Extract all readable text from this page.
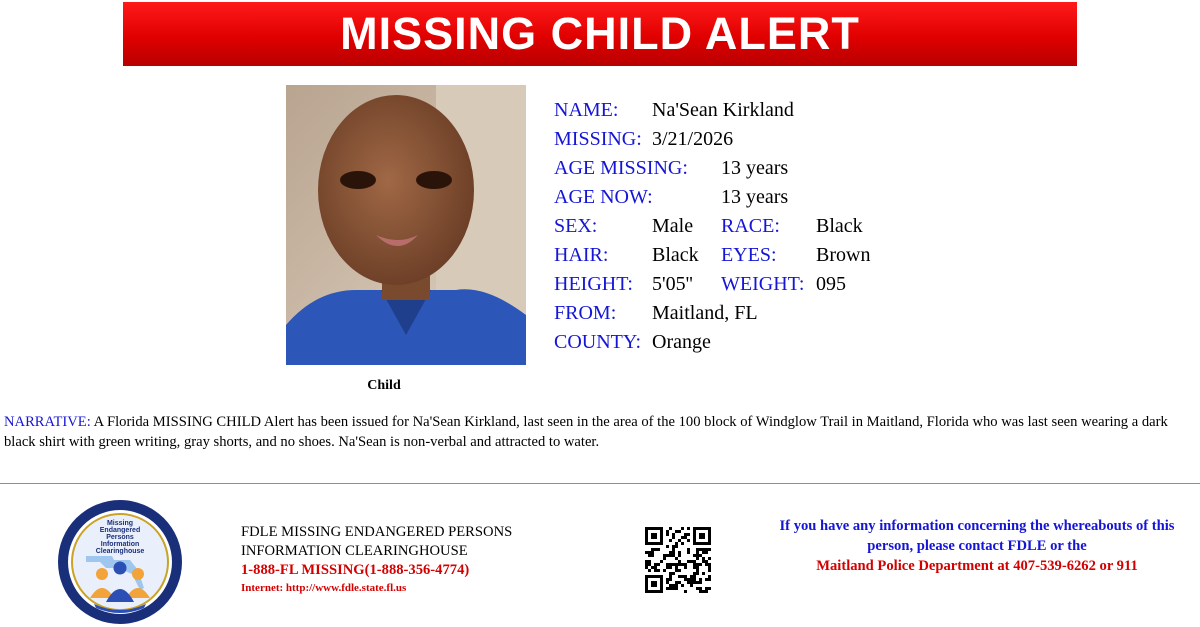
MISSING CHILD ALERT
Child
NAME: Na'Sean Kirkland
MISSING: 3/21/2026
AGE MISSING: 13 years
AGE NOW:	13 years
SEX:	Male RACE: Black
HAIR: Black EYES: Brown
HEIGHT: 5'05'' WEIGHT: 095
FROM: Maitland, FL
COUNTY: Orange
NARRATIVE: A Florida MISSING CHILD Alert has been issued for Na'Sean Kirkland, last seen in the area of the 100 block of Windglow Trail in Maitland, Florida who was last seen wearing a dark black shirt with green writing, gray shorts, and no shoes. Na'Sean is non-verbal and attracted to water.
Missing
Endangered
Persons
Information
Clearinghouse
FDLE MISSING ENDANGERED PERSONS
INFORMATION CLEARINGHOUSE
1-888-FL MISSING(1-888-356-4774)
Internet: http://www.fdle.state.fl.us
If you have any information concerning the whereabouts of this
person, please contact FDLE or the
Maitland Police Department at 407-539-6262 or 911
